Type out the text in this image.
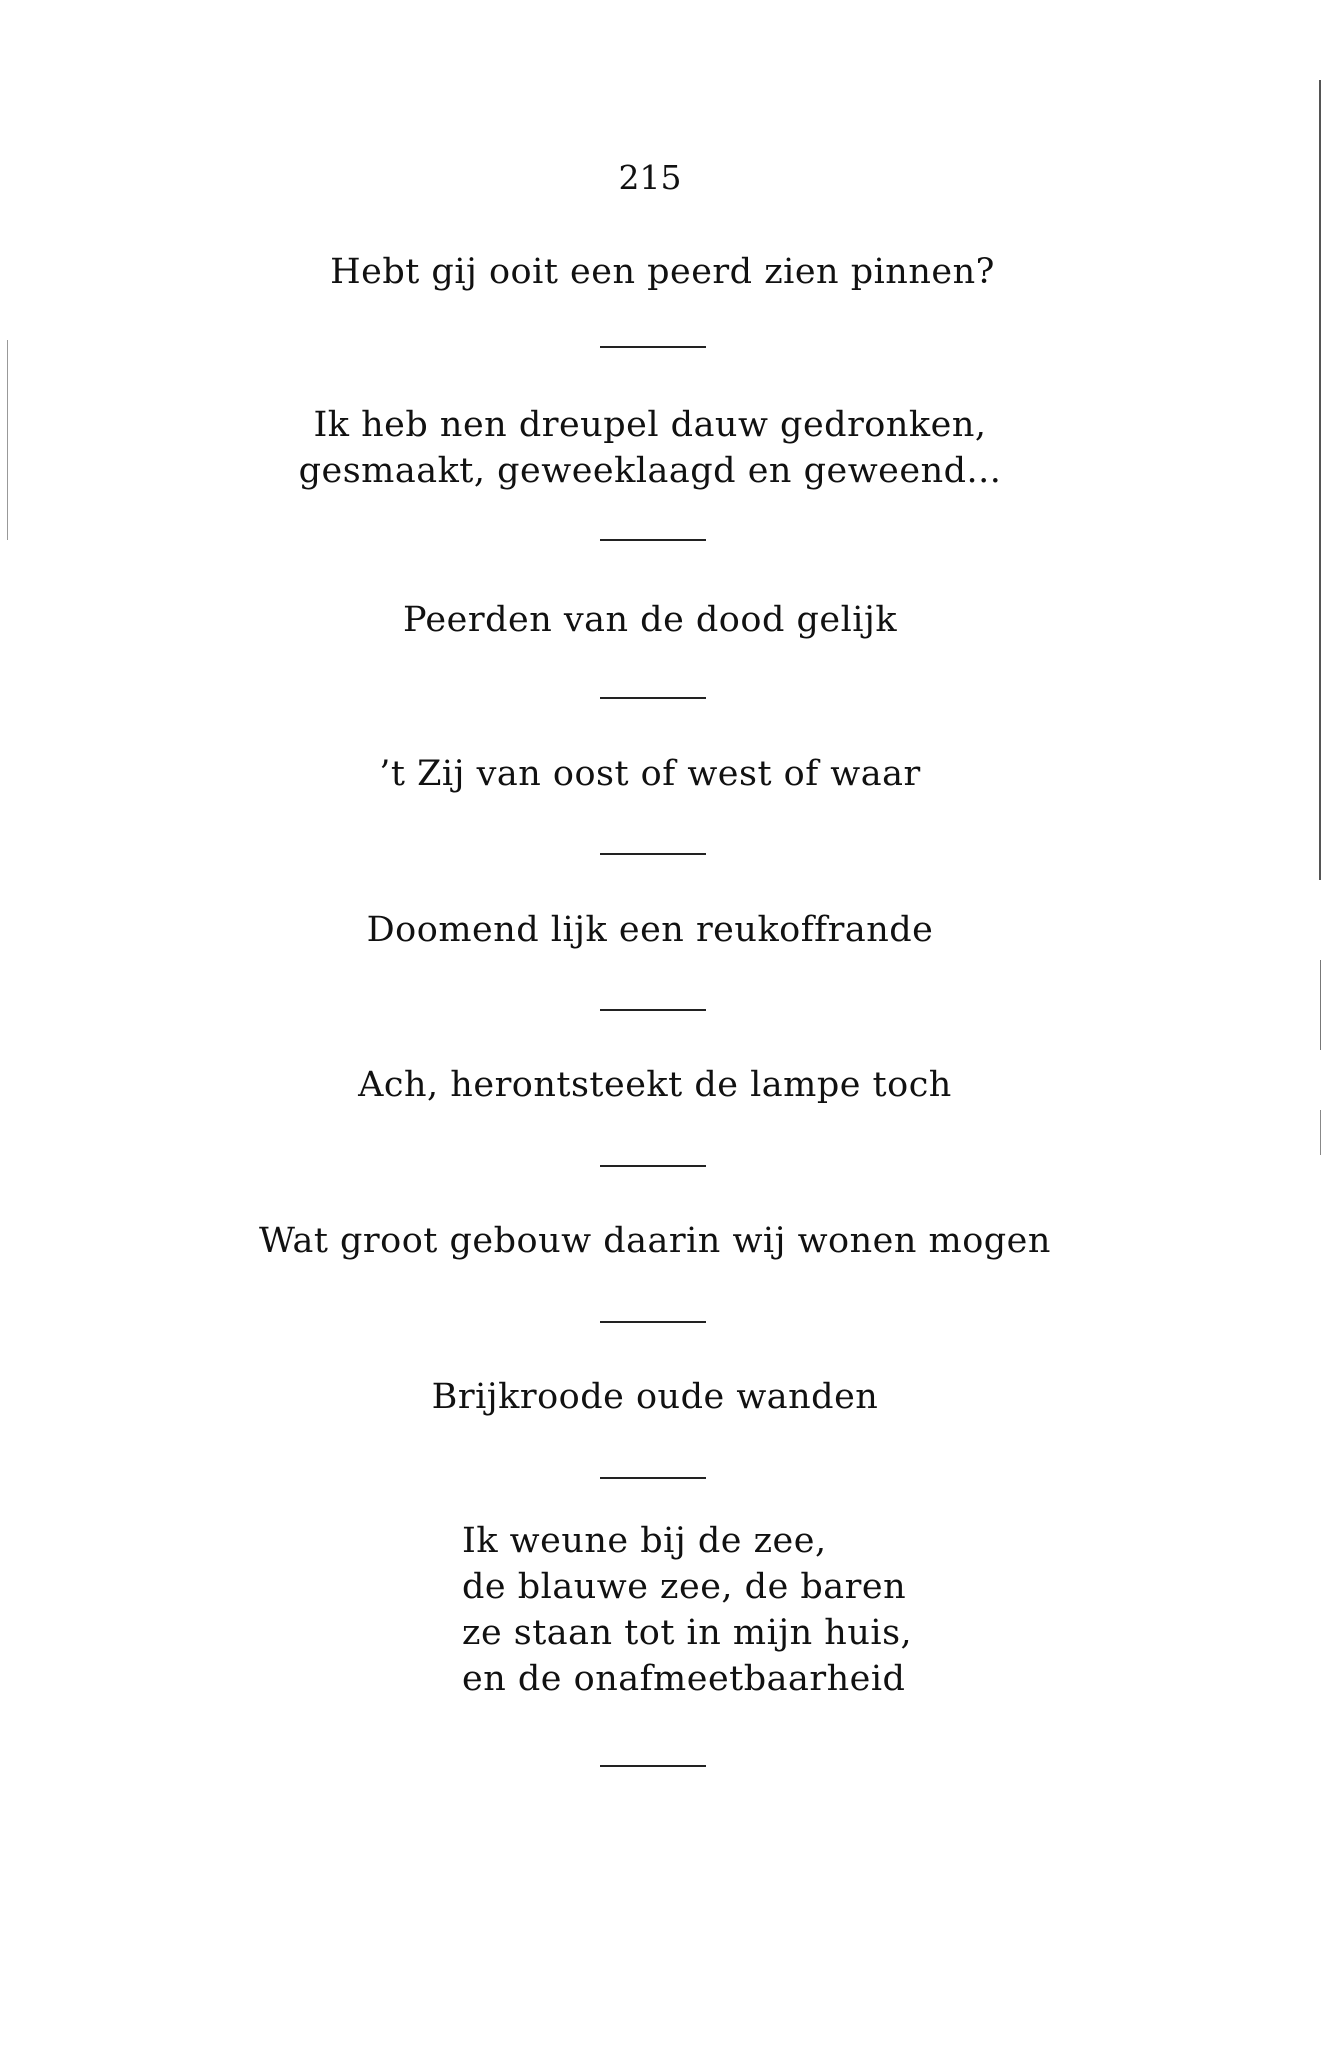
215
Hebt gij ooit een peerd zien pinnen?
Ik heb nen dreupel dauw gedronken,
gesmaakt, geweeklaagd en geweend...
Peerden van de dood gelijk
’t Zij van oost of west of waar
Doomend lijk een reukoffrande
Ach, herontsteekt de lampe toch
Wat groot gebouw daarin wij wonen mogen
Brijkroode oude wanden
Ik weune bij de zee,
de blauwe zee, de baren
ze staan tot in mijn huis,
en de onafmeetbaarheid
